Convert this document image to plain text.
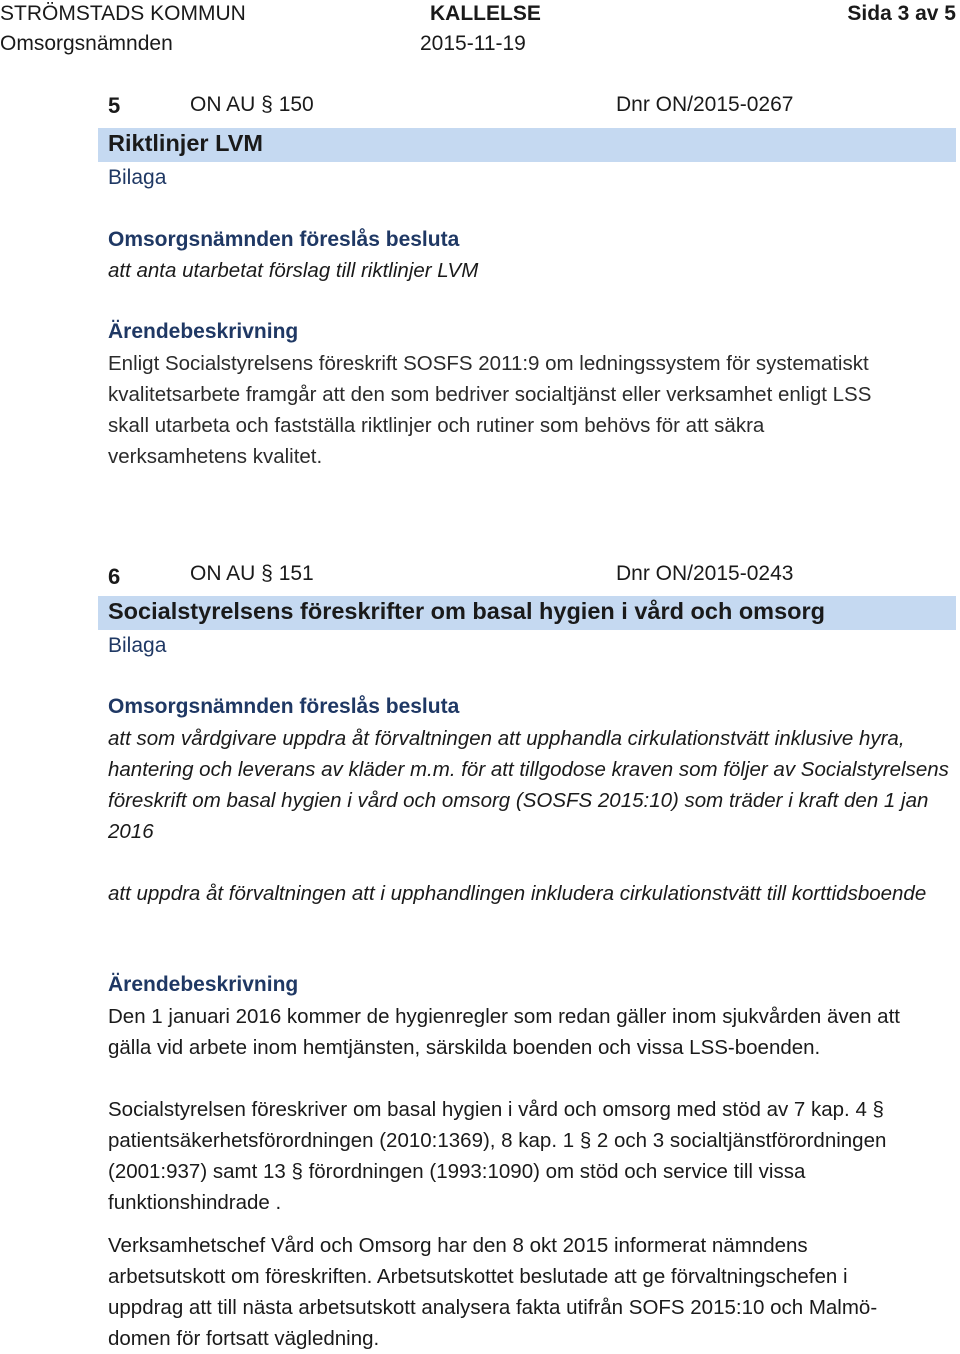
STRÖMSTADS KOMMUN	KALLELSE	Sida 3 av 5
Omsorgsnämnden	2015-11-19
5	ON AU § 150	Dnr ON/2015-0267
Riktlinjer LVM
Bilaga
Omsorgsnämnden föreslås besluta
att anta utarbetat förslag till riktlinjer LVM
Ärendebeskrivning
Enligt Socialstyrelsens föreskrift SOSFS 2011:9 om ledningssystem för systematiskt kvalitetsarbete framgår att den som bedriver socialtjänst eller verksamhet enligt LSS skall utarbeta och fastställa riktlinjer och rutiner som behövs för att säkra verksamhetens kvalitet.
6	ON AU § 151	Dnr ON/2015-0243
Socialstyrelsens föreskrifter om basal hygien i vård och omsorg
Bilaga
Omsorgsnämnden föreslås besluta
att som vårdgivare uppdra åt förvaltningen att upphandla cirkulationstvätt inklusive hyra, hantering och leverans av kläder m.m. för att tillgodose kraven som följer av Socialstyrelsens föreskrift om basal hygien i vård och omsorg (SOSFS 2015:10) som träder i kraft den 1 jan 2016
att uppdra åt förvaltningen att i upphandlingen inkludera cirkulationstvätt till korttidsboende
Ärendebeskrivning
Den 1 januari 2016 kommer de hygienregler som redan gäller inom sjukvården även att gälla vid arbete inom hemtjänsten, särskilda boenden och vissa LSS-boenden.
Socialstyrelsen föreskriver om basal hygien i vård och omsorg med stöd av 7 kap. 4 § patientsäkerhetsförordningen (2010:1369), 8 kap. 1 § 2 och 3 socialtjänstförordningen (2001:937) samt 13 § förordningen (1993:1090) om stöd och service till vissa funktionshindrade .
Verksamhetschef Vård och Omsorg har den 8 okt 2015 informerat nämndens arbetsutskott om föreskriften. Arbetsutskottet beslutade att ge förvaltningschefen i uppdrag att till nästa arbetsutskott analysera fakta utifrån SOFS 2015:10 och Malmö-domen för fortsatt vägledning.
